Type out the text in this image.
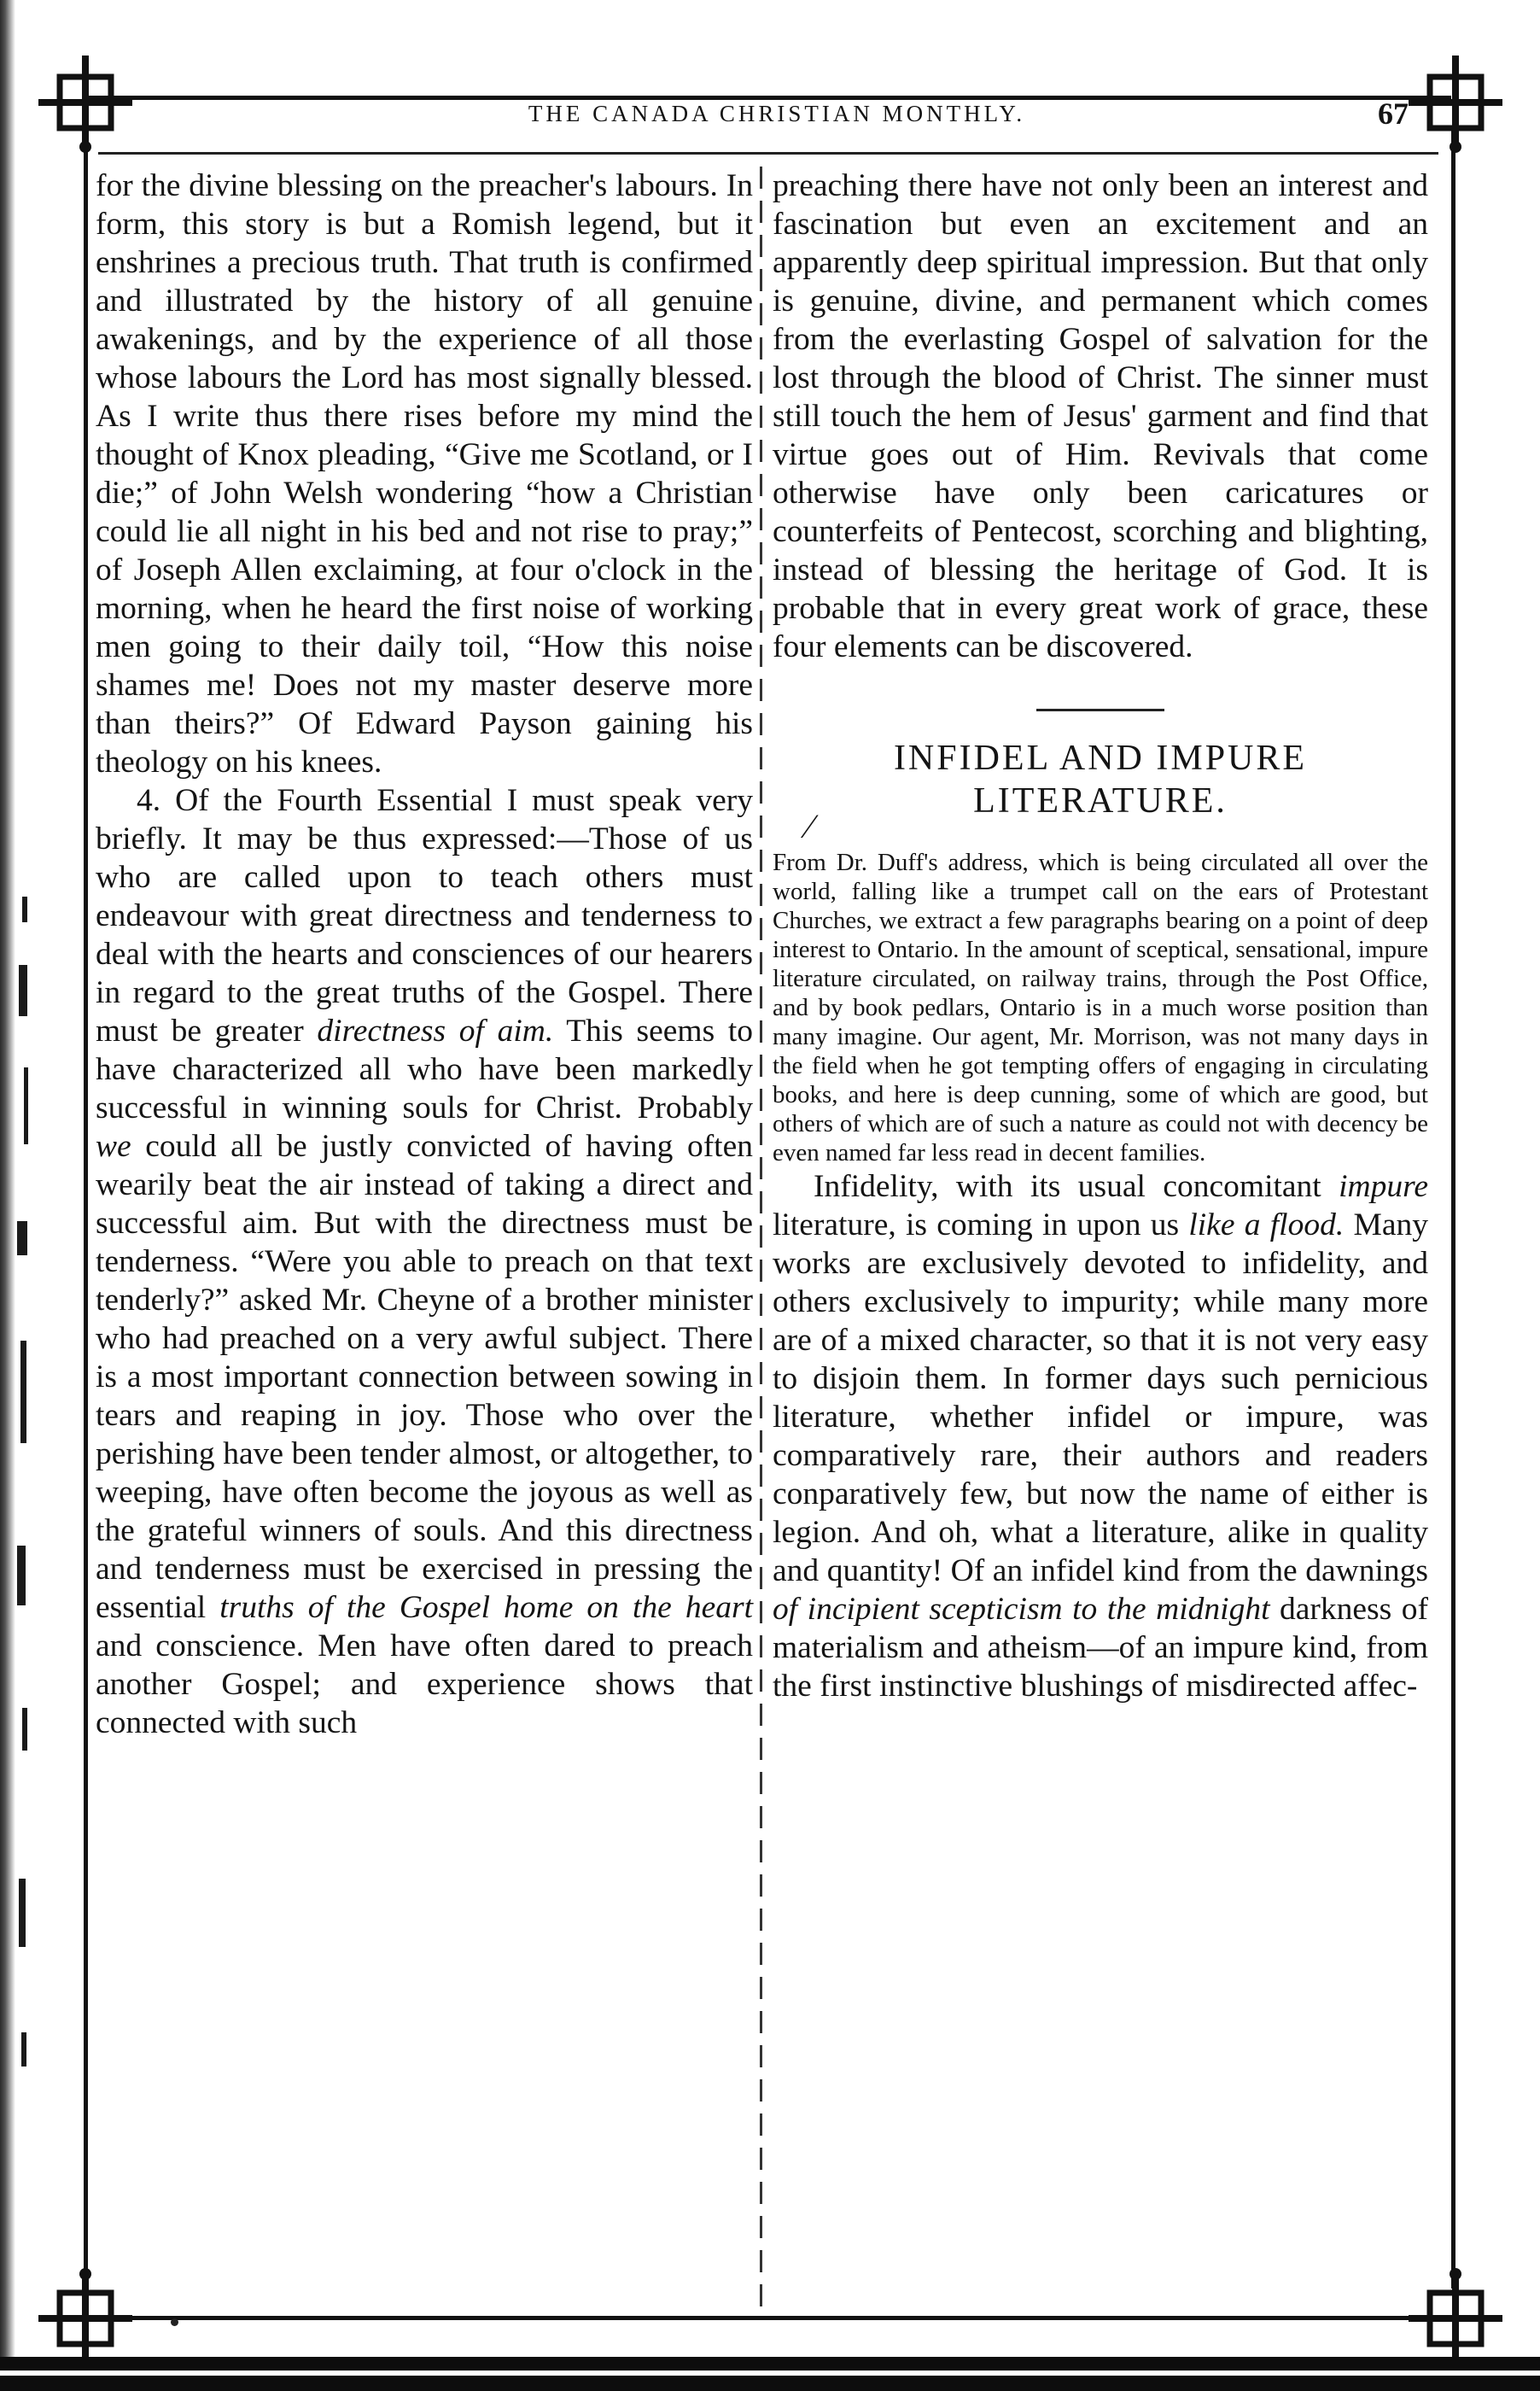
THE CANADA CHRISTIAN MONTHLY.	67

for the divine blessing on the preacher's labours. In form, this story is but a Romish legend, but it enshrines a precious truth. That truth is confirmed and illustrated by the history of all genuine awakenings, and by the experience of all those whose labours the Lord has most signally blessed. As I write thus there rises before my mind the thought of Knox pleading, “Give me Scotland, or I die;” of John Welsh wondering “how a Christian could lie all night in his bed and not rise to pray;” of Joseph Allen exclaiming, at four o'clock in the morning, when he heard the first noise of working men going to their daily toil, “How this noise shames me! Does not my master deserve more than theirs?” Of Edward Payson gaining his theology on his knees.

4. Of the Fourth Essential I must speak very briefly. It may be thus expressed:—Those of us who are called upon to teach others must endeavour with great directness and tenderness to deal with the hearts and consciences of our hearers in regard to the great truths of the Gospel. There must be greater directness of aim. This seems to have characterized all who have been markedly successful in winning souls for Christ. Probably we could all be justly convicted of having often wearily beat the air instead of taking a direct and successful aim. But with the directness must be tenderness. “Were you able to preach on that text tenderly?” asked Mr. Cheyne of a brother minister who had preached on a very awful subject. There is a most important connection between sowing in tears and reaping in joy. Those who over the perishing have been tender almost, or altogether, to weeping, have often become the joyous as well as the grateful winners of souls. And this directness and tenderness must be exercised in pressing the essential truths of the Gospel home on the heart and conscience. Men have often dared to preach another Gospel; and experience shows that connected with such

preaching there have not only been an interest and fascination but even an excitement and an apparently deep spiritual impression. But that only is genuine, divine, and permanent which comes from the everlasting Gospel of salvation for the lost through the blood of Christ. The sinner must still touch the hem of Jesus' garment and find that virtue goes out of Him. Revivals that come otherwise have only been caricatures or counterfeits of Pentecost, scorching and blighting, instead of blessing the heritage of God. It is probable that in every great work of grace, these four elements can be discovered.

INFIDEL AND IMPURE
LITERATURE.

⁄

From Dr. Duff's address, which is being circulated all over the world, falling like a trumpet call on the ears of Protestant Churches, we extract a few paragraphs bearing on a point of deep interest to Ontario. In the amount of sceptical, sensational, impure literature circulated, on railway trains, through the Post Office, and by book pedlars, Ontario is in a much worse position than many imagine. Our agent, Mr. Morrison, was not many days in the field when he got tempting offers of engaging in circulating books, and here is deep cunning, some of which are good, but others of which are of such a nature as could not with decency be even named far less read in decent families.

Infidelity, with its usual concomitant impure literature, is coming in upon us like a flood. Many works are exclusively devoted to infidelity, and others exclusively to impurity; while many more are of a mixed character, so that it is not very easy to disjoin them. In former days such pernicious literature, whether infidel or impure, was comparatively rare, their authors and readers conparatively few, but now the name of either is legion. And oh, what a literature, alike in quality and quantity! Of an infidel kind from the dawnings of incipient scepticism to the midnight darkness of materialism and atheism—of an impure kind, from the first instinctive blushings of misdirected affec-
